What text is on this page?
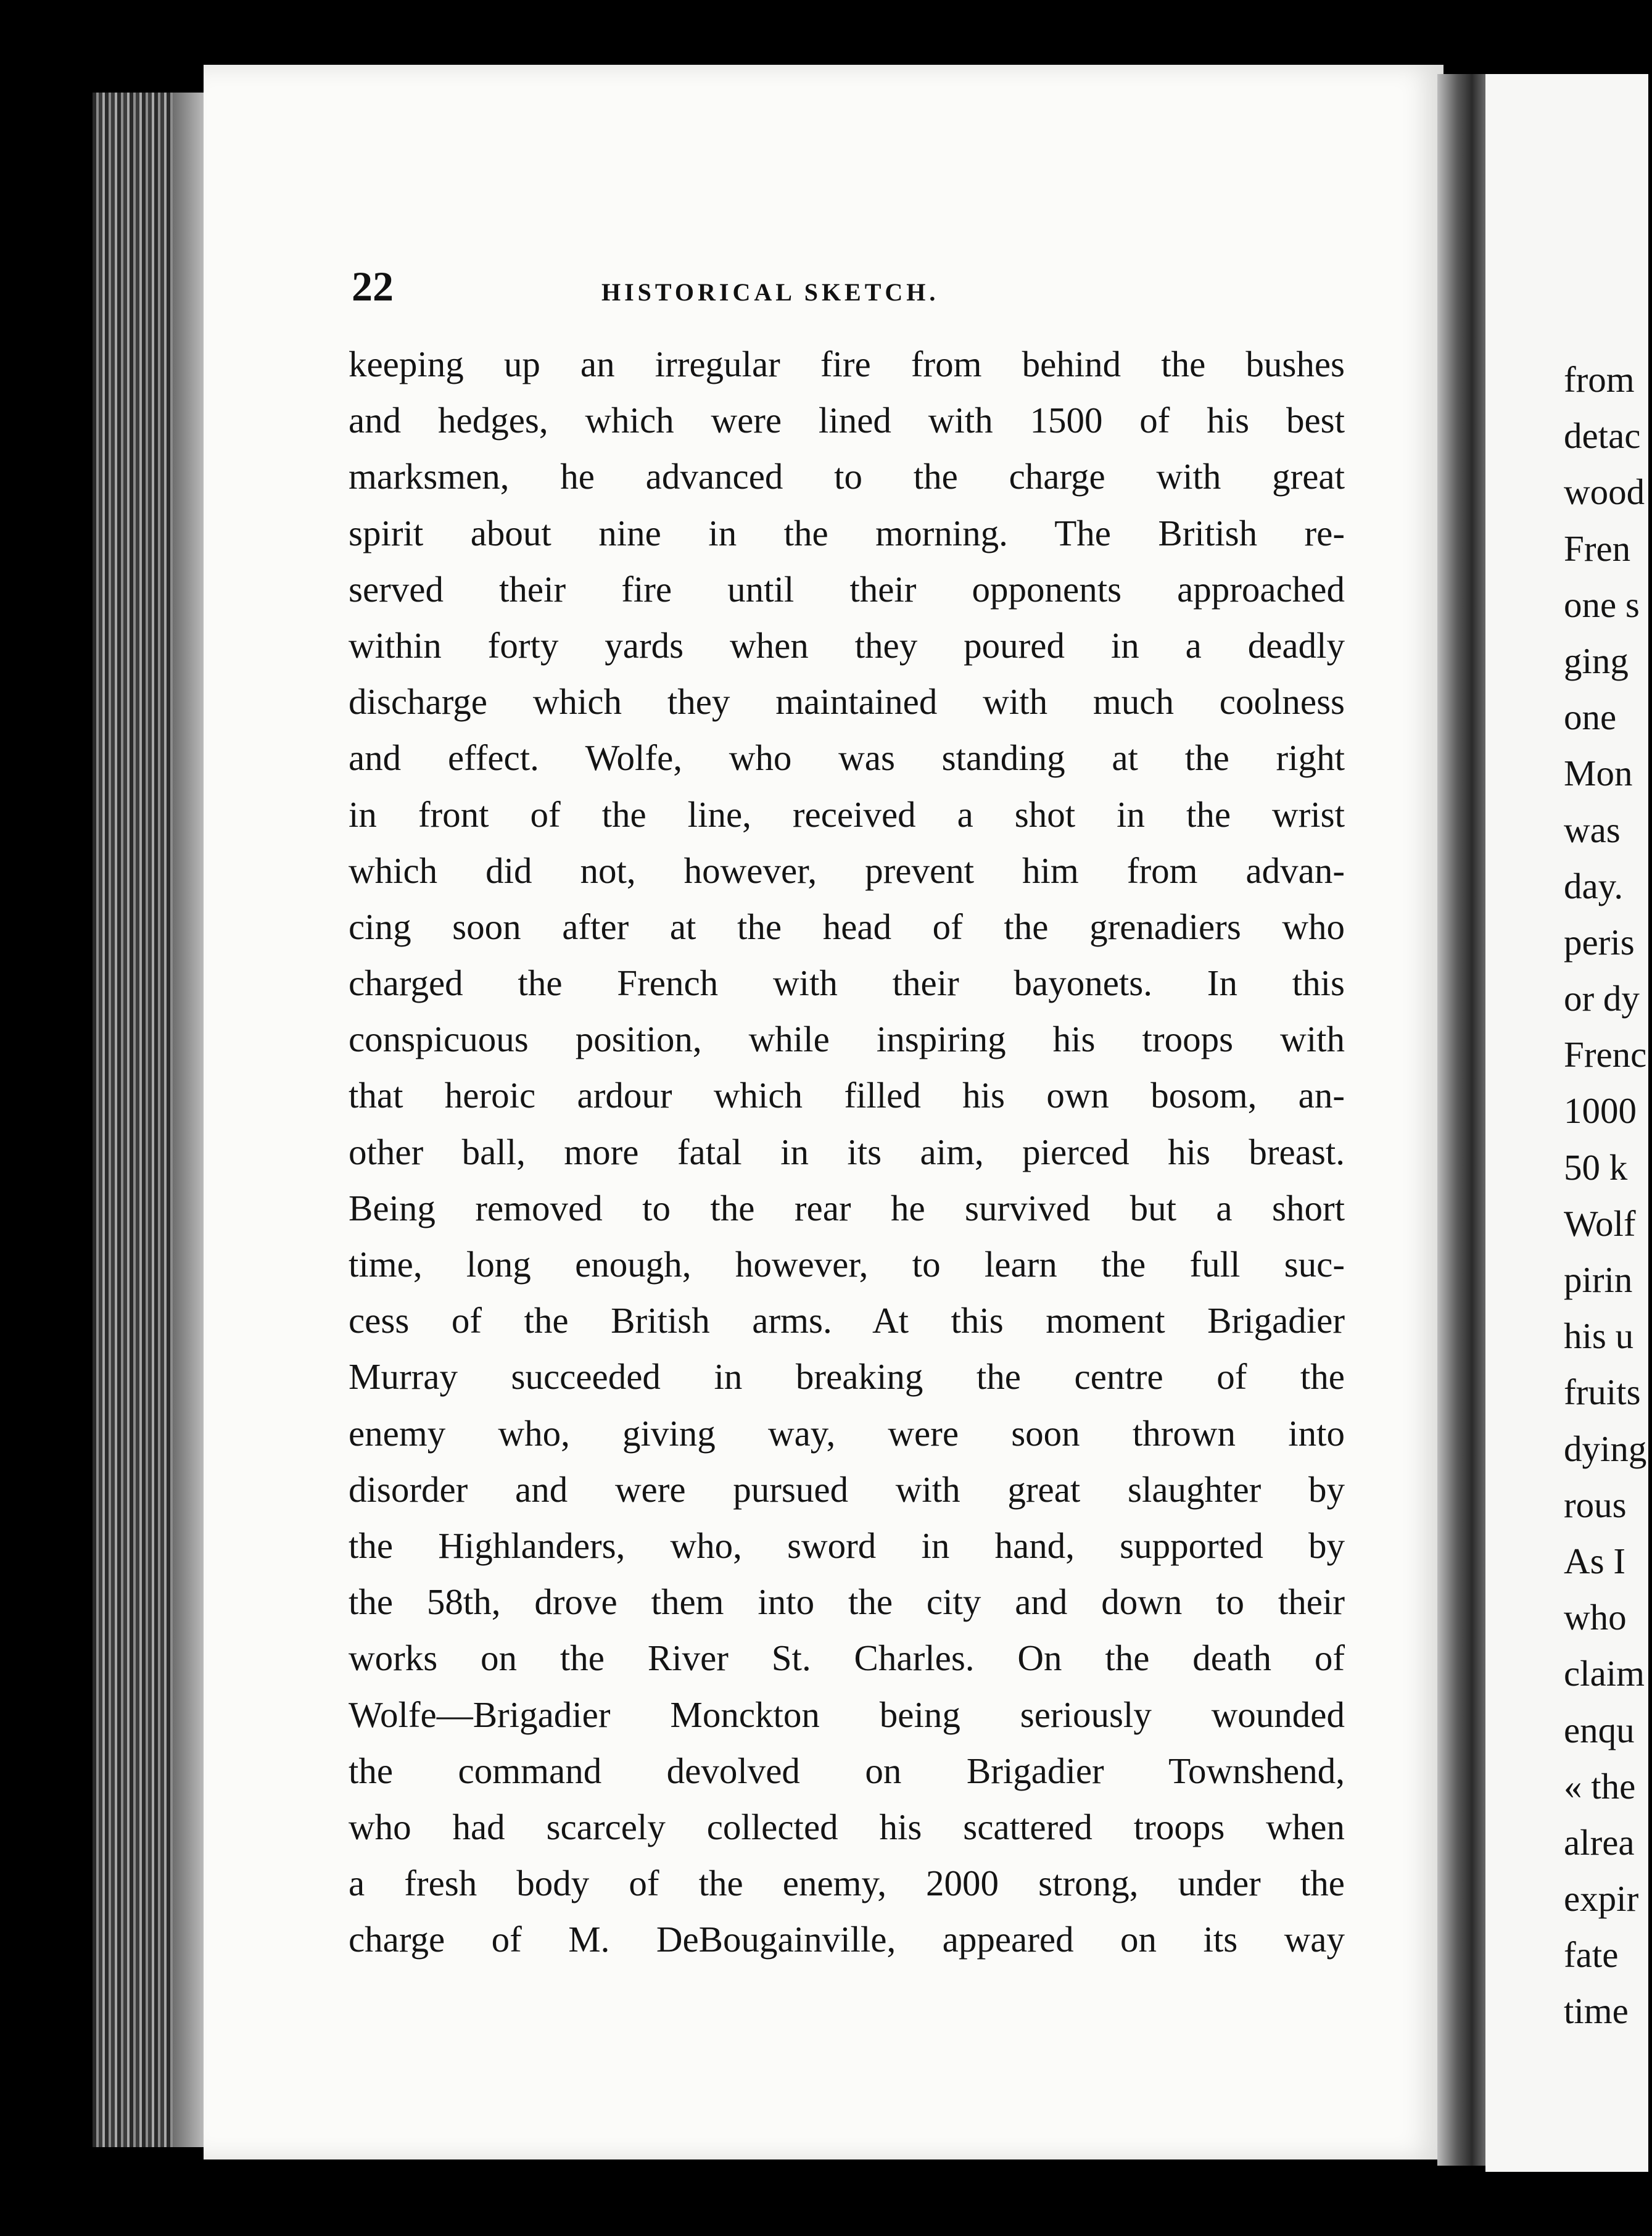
22	HISTORICAL SKETCH.
keeping up an irregular fire from behind the bushes
and hedges, which were lined with 1500 of his best
marksmen, he advanced to the charge with great
spirit about nine in the morning. The British re-
served their fire until their opponents approached
within forty yards when they poured in a deadly
discharge which they maintained with much coolness
and effect. Wolfe, who was standing at the right
in front of the line, received a shot in the wrist
which did not, however, prevent him from advan-
cing soon after at the head of the grenadiers who
charged the French with their bayonets. In this
conspicuous position, while inspiring his troops with
that heroic ardour which filled his own bosom, an-
other ball, more fatal in its aim, pierced his breast.
Being removed to the rear he survived but a short
time, long enough, however, to learn the full suc-
cess of the British arms. At this moment Brigadier
Murray succeeded in breaking the centre of the
enemy who, giving way, were soon thrown into
disorder and were pursued with great slaughter by
the Highlanders, who, sword in hand, supported by
the 58th, drove them into the city and down to their
works on the River St. Charles. On the death of
Wolfe—Brigadier Monckton being seriously wounded
the command devolved on Brigadier Townshend,
who had scarcely collected his scattered troops when
a fresh body of the enemy, 2000 strong, under the
charge of M. DeBougainville, appeared on its way
from
detac
wood
Fren
one s
ging
one
Mon
was
day.
peris
or dy
Frenc
1000
50 k
Wolf
pirin
his u
fruits
dying
rous
As I
who
claim
enqu
« the
alrea
expir
fate
time
